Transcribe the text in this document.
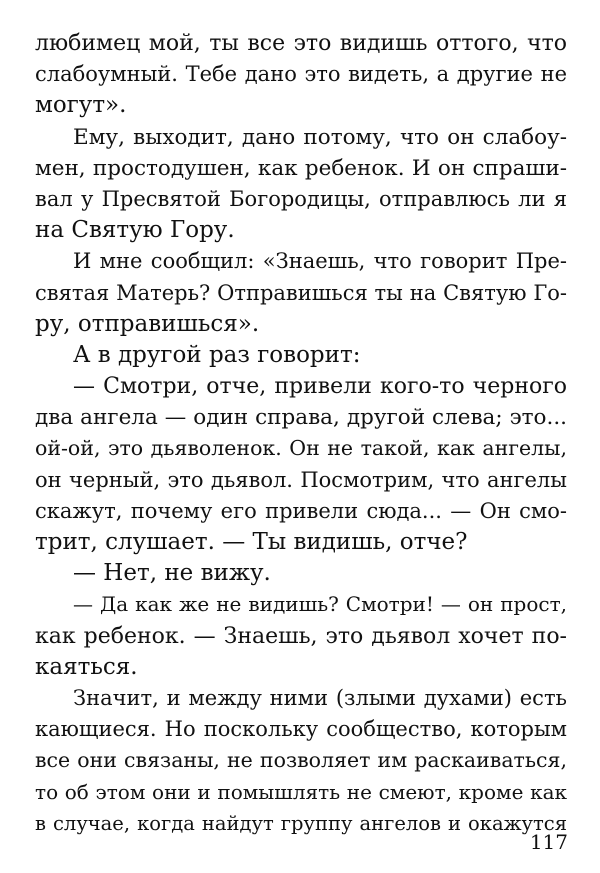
любимец мой, ты все это видишь оттого, что
слабоумный. Тебе дано это видеть, а другие не
могут».
Ему, выходит, дано потому, что он слабоу-
мен, простодушен, как ребенок. И он спраши-
вал у Пресвятой Богородицы, отправлюсь ли я
на Святую Гору.
И мне сообщил: «Знаешь, что говорит Пре-
святая Матерь? Отправишься ты на Святую Го-
ру, отправишься».
А в другой раз говорит:
— Смотри, отче, привели кого-то черного
два ангела — один справа, другой слева; это...
ой-ой, это дьяволенок. Он не такой, как ангелы,
он черный, это дьявол. Посмотрим, что ангелы
скажут, почему его привели сюда... — Он смо-
трит, слушает. — Ты видишь, отче?
— Нет, не вижу.
— Да как же не видишь? Смотри! — он прост,
как ребенок. — Знаешь, это дьявол хочет по-
каяться.
Значит, и между ними (злыми духами) есть
кающиеся. Но поскольку сообщество, которым
все они связаны, не позволяет им раскаиваться,
то об этом они и помышлять не смеют, кроме как
в случае, когда найдут группу ангелов и окажутся
117
